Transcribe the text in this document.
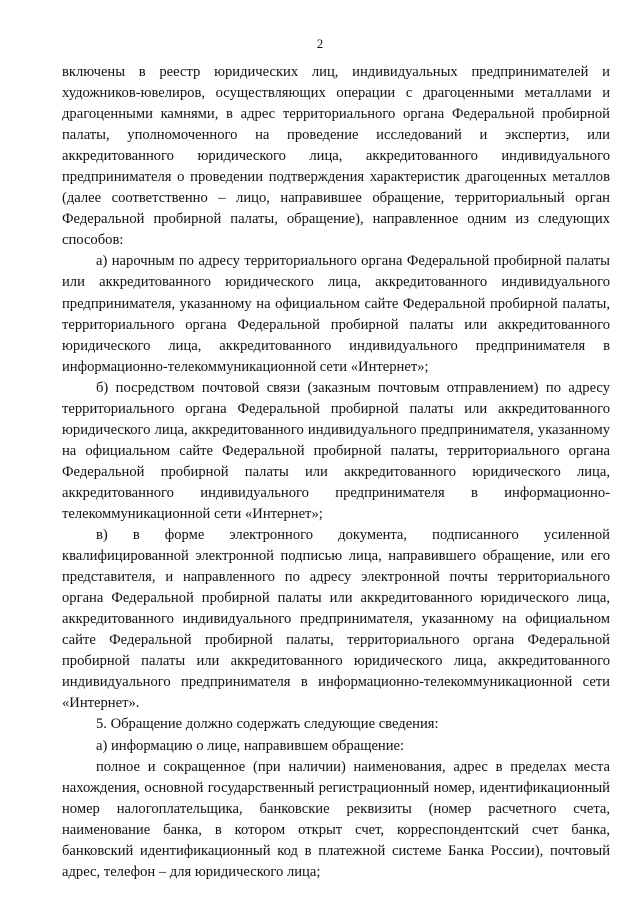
2

включены в реестр юридических лиц, индивидуальных предпринимателей и художников-ювелиров, осуществляющих операции с драгоценными металлами и драгоценными камнями, в адрес территориального органа Федеральной пробирной палаты, уполномоченного на проведение исследований и экспертиз, или аккредитованного юридического лица, аккредитованного индивидуального предпринимателя о проведении подтверждения характеристик драгоценных металлов (далее соответственно – лицо, направившее обращение, территориальный орган Федеральной пробирной палаты, обращение), направленное одним из следующих способов:

а) нарочным по адресу территориального органа Федеральной пробирной палаты или аккредитованного юридического лица, аккредитованного индивидуального предпринимателя, указанному на официальном сайте Федеральной пробирной палаты, территориального органа Федеральной пробирной палаты или аккредитованного юридического лица, аккредитованного индивидуального предпринимателя в информационно-телекоммуникационной сети «Интернет»;

б) посредством почтовой связи (заказным почтовым отправлением) по адресу территориального органа Федеральной пробирной палаты или аккредитованного юридического лица, аккредитованного индивидуального предпринимателя, указанному на официальном сайте Федеральной пробирной палаты, территориального органа Федеральной пробирной палаты или аккредитованного юридического лица, аккредитованного индивидуального предпринимателя в информационно-телекоммуникационной сети «Интернет»;

в) в форме электронного документа, подписанного усиленной квалифицированной электронной подписью лица, направившего обращение, или его представителя, и направленного по адресу электронной почты территориального органа Федеральной пробирной палаты или аккредитованного юридического лица, аккредитованного индивидуального предпринимателя, указанному на официальном сайте Федеральной пробирной палаты, территориального органа Федеральной пробирной палаты или аккредитованного юридического лица, аккредитованного индивидуального предпринимателя в информационно-телекоммуникационной сети «Интернет».

5. Обращение должно содержать следующие сведения:

а) информацию о лице, направившем обращение:

полное и сокращенное (при наличии) наименования, адрес в пределах места нахождения, основной государственный регистрационный номер, идентификационный номер налогоплательщика, банковские реквизиты (номер расчетного счета, наименование банка, в котором открыт счет, корреспондентский счет банка, банковский идентификационный код в платежной системе Банка России), почтовый адрес, телефон – для юридического лица;
